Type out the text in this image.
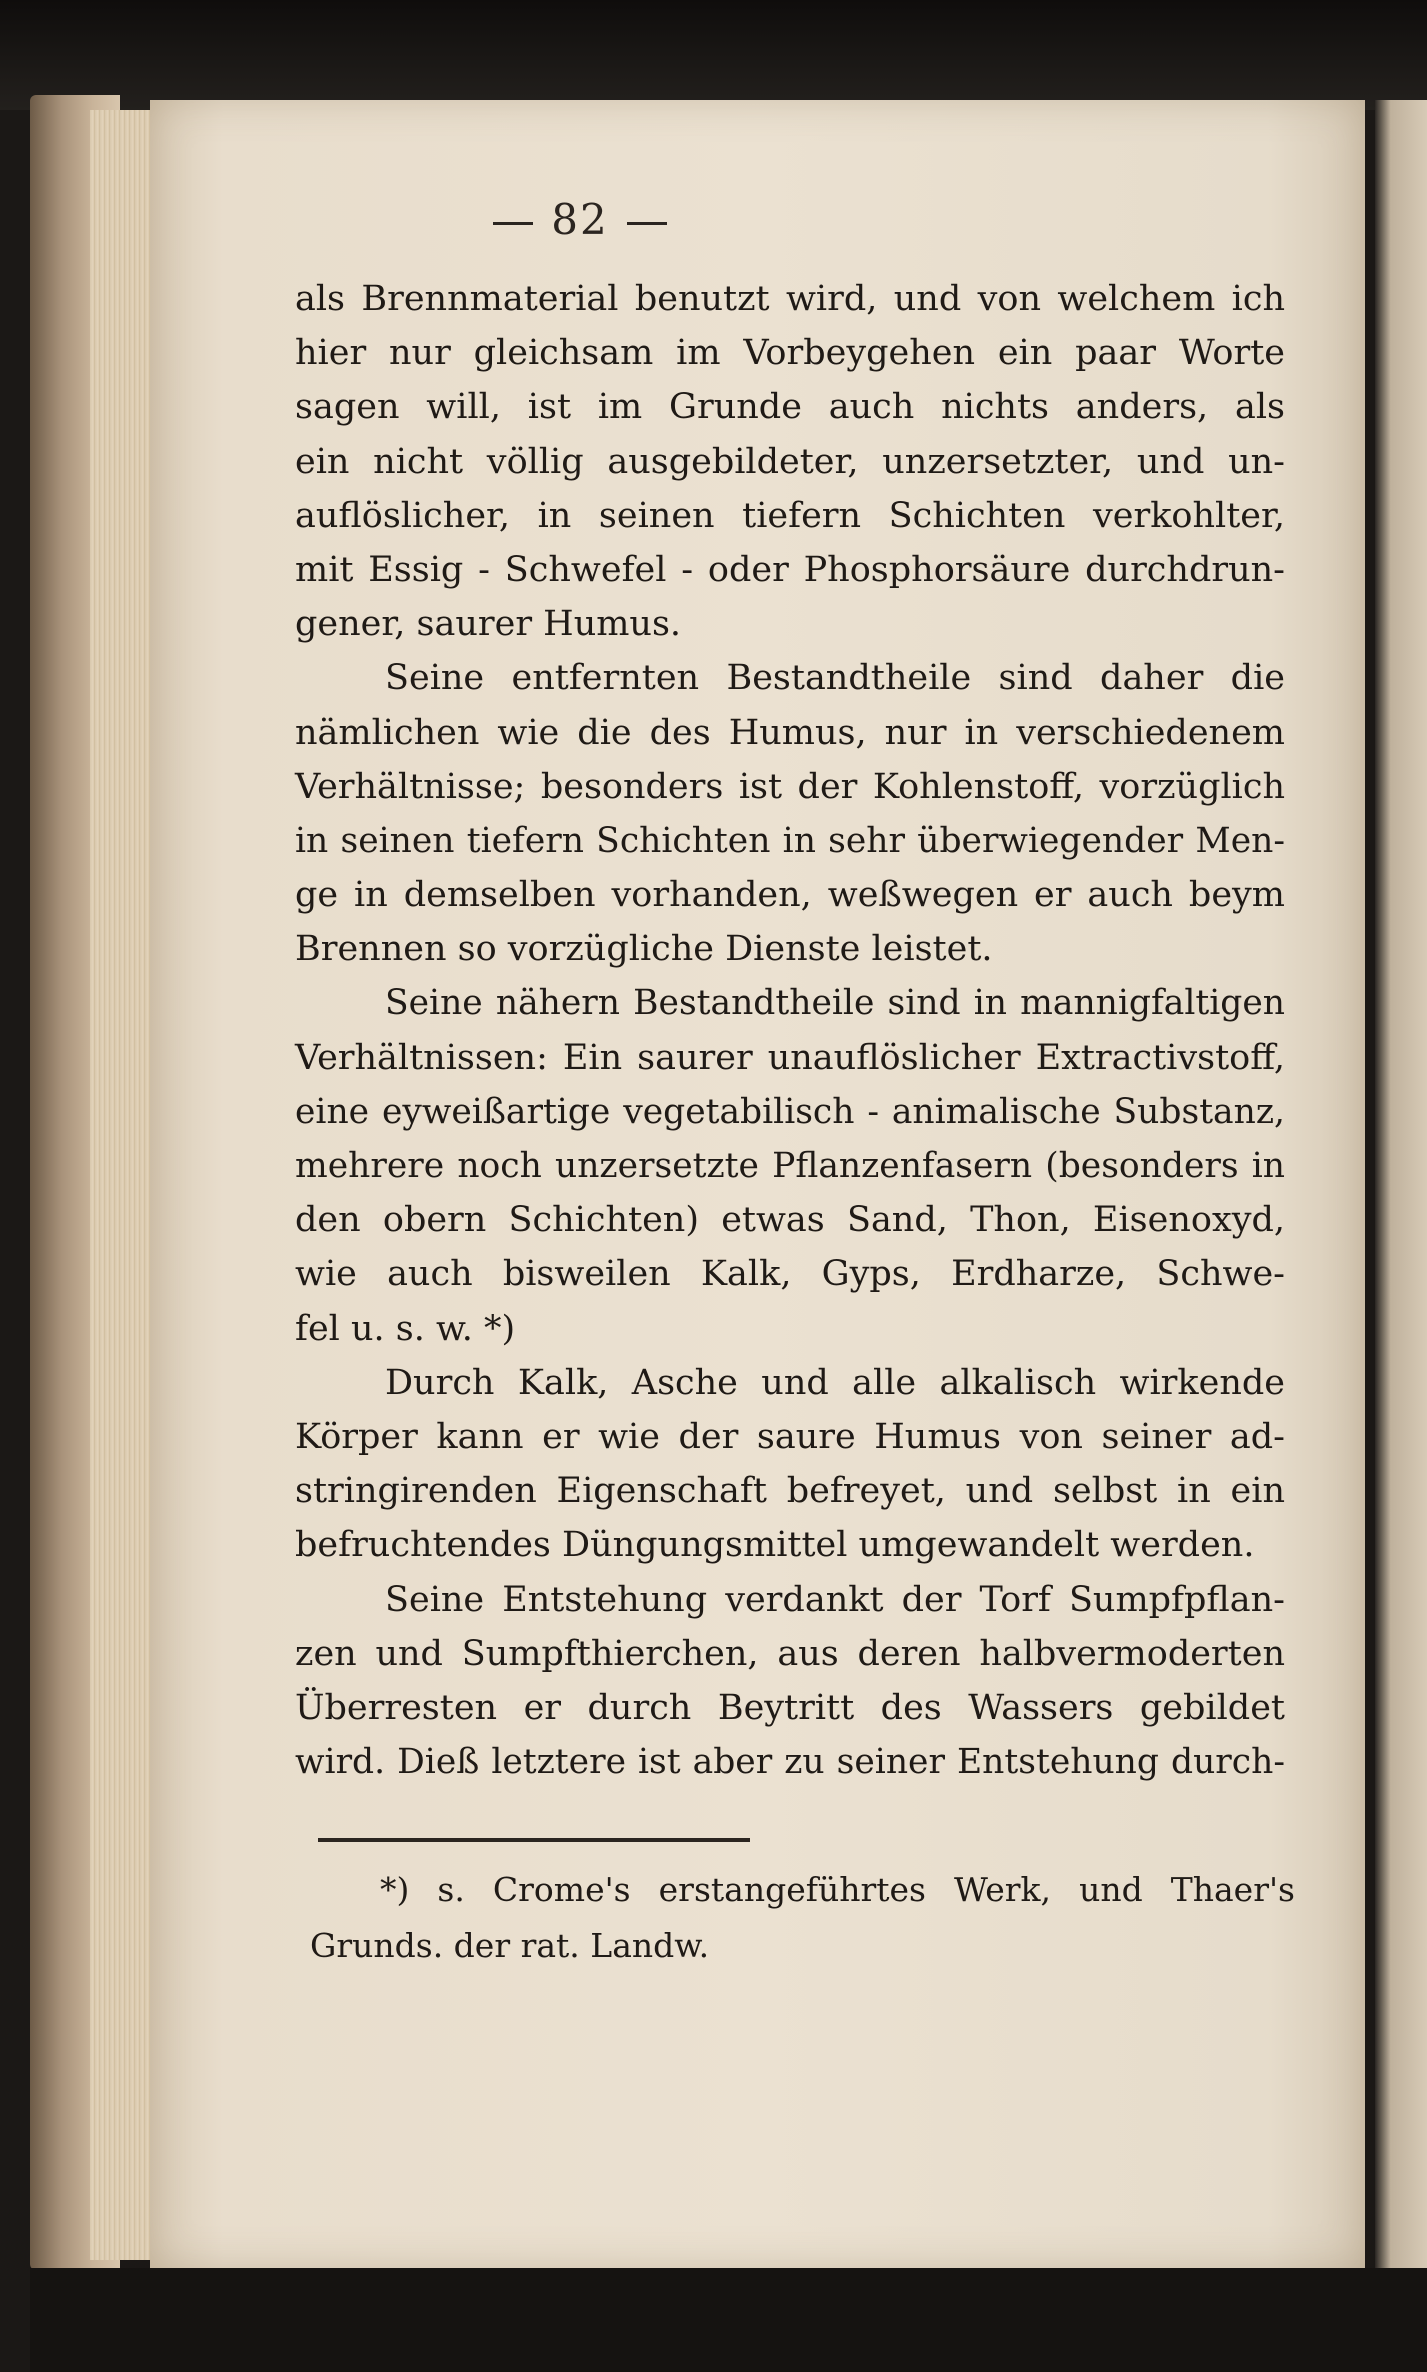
82
als Brennmaterial benutzt wird, und von welchem ich
hier nur gleichsam im Vorbeygehen ein paar Worte
sagen will, ist im Grunde auch nichts anders, als
ein nicht völlig ausgebildeter, unzersetzter, und un-
auflöslicher, in seinen tiefern Schichten verkohlter,
mit Essig - Schwefel - oder Phosphorsäure durchdrun-
gener, saurer Humus.
Seine entfernten Bestandtheile sind daher die
nämlichen wie die des Humus, nur in verschiedenem
Verhältnisse; besonders ist der Kohlenstoff, vorzüglich
in seinen tiefern Schichten in sehr überwiegender Men-
ge in demselben vorhanden, weßwegen er auch beym
Brennen so vorzügliche Dienste leistet.
Seine nähern Bestandtheile sind in mannigfaltigen
Verhältnissen: Ein saurer unauflöslicher Extractivstoff,
eine eyweißartige vegetabilisch - animalische Substanz,
mehrere noch unzersetzte Pflanzenfasern (besonders in
den obern Schichten) etwas Sand, Thon, Eisenoxyd,
wie auch bisweilen Kalk, Gyps, Erdharze, Schwe-
fel u. s. w. *)
Durch Kalk, Asche und alle alkalisch wirkende
Körper kann er wie der saure Humus von seiner ad-
stringirenden Eigenschaft befreyet, und selbst in ein
befruchtendes Düngungsmittel umgewandelt werden.
Seine Entstehung verdankt der Torf Sumpfpflan-
zen und Sumpfthierchen, aus deren halbvermoderten
Überresten er durch Beytritt des Wassers gebildet
wird. Dieß letztere ist aber zu seiner Entstehung durch-
*) s. Crome's erstangeführtes Werk, und Thaer's
Grunds. der rat. Landw.
